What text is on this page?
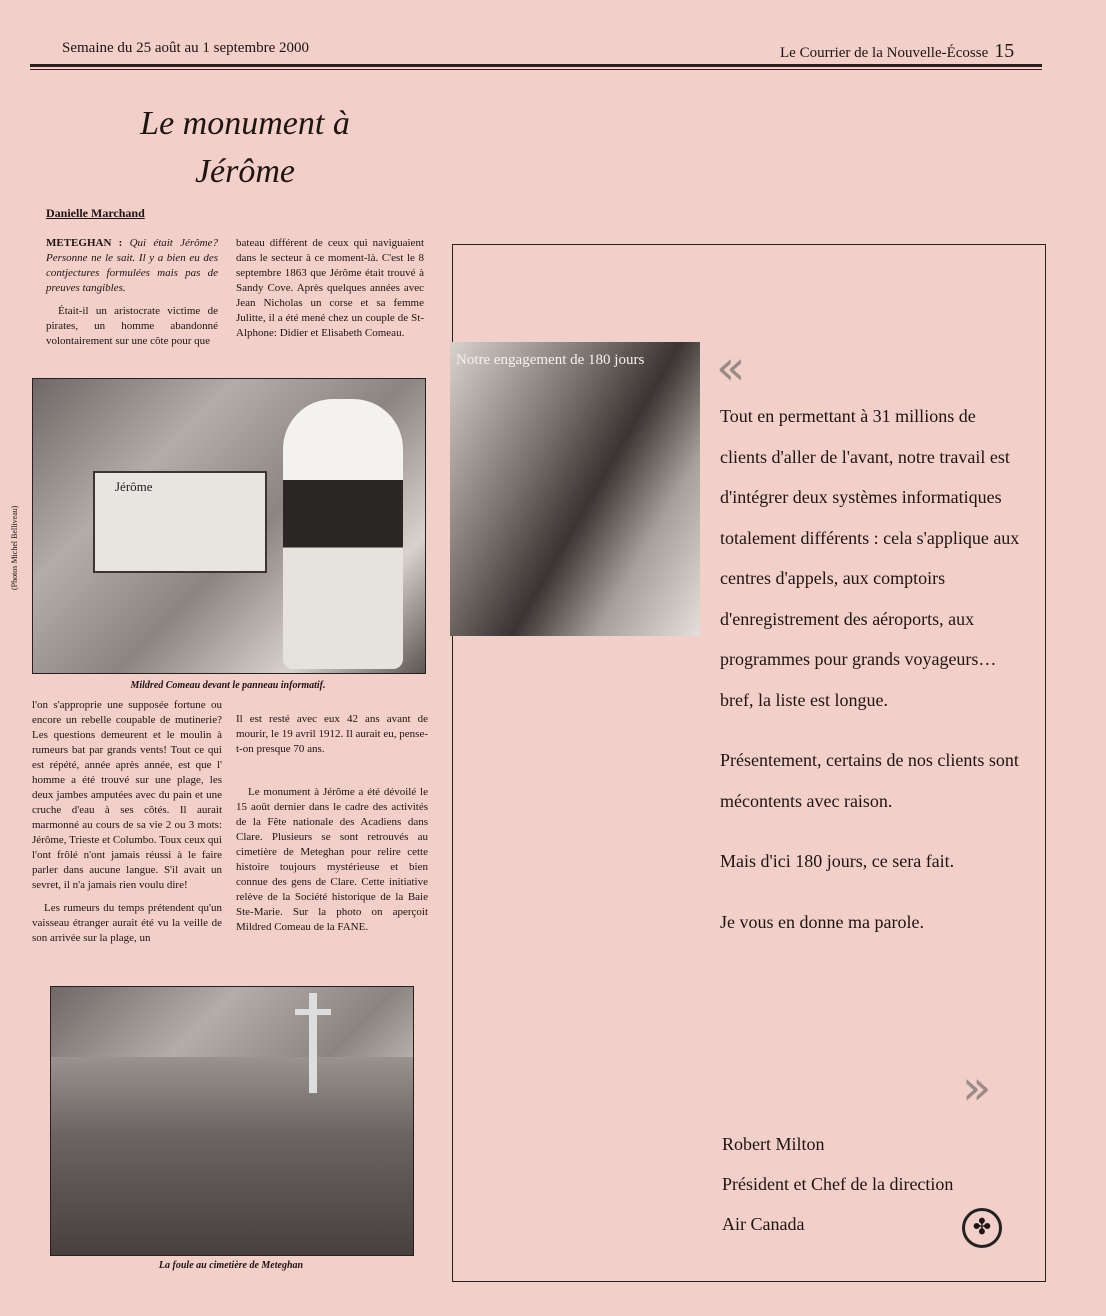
Semaine du 25 août au 1 septembre 2000	Le Courrier de la Nouvelle-Écosse 15
Le monument à
Jérôme
Danielle Marchand

METEGHAN : Qui était Jérôme? Personne ne le sait. Il y a bien eu des contjectures formulées mais pas de preuves tangibles.

Était-il un aristocrate victime de pirates, un homme abandonné volontairement sur une côte pour que

bateau différent de ceux qui naviguaient dans le secteur à ce moment-là. C'est le 8 septembre 1863 que Jérôme était trouvé à Sandy Cove. Après quelques années avec Jean Nicholas un corse et sa femme Julitte, il a été mené chez un couple de St-Alphone: Didier et Elisabeth Comeau.

Jérôme
(Photos Michel Belliveau)
Mildred Comeau devant le panneau informatif.

l'on s'approprie une supposée fortune ou encore un rebelle coupable de mutinerie? Les questions demeurent et le moulin à rumeurs bat par grands vents! Tout ce qui est répété, année après année, est que l' homme a été trouvé sur une plage, les deux jambes amputées avec du pain et une cruche d'eau à ses côtés. Il aurait marmonné au cours de sa vie 2 ou 3 mots: Jérôme, Trieste et Columbo. Toux ceux qui l'ont frôlé n'ont jamais réussi à le faire parler dans aucune langue. S'il avait un sevret, il n'a jamais rien voulu dire!

Les rumeurs du temps prétendent qu'un vaisseau étranger aurait été vu la veille de son arrivée sur la plage, un

Il est resté avec eux 42 ans avant de mourir, le 19 avril 1912. Il aurait eu, pense-t-on presque 70 ans.

Le monument à Jérôme a été dévoilé le 15 août dernier dans le cadre des activités de la Fête nationale des Acadiens dans Clare. Plusieurs se sont retrouvés au cimetière de Meteghan pour relire cette histoire toujours mystérieuse et bien connue des gens de Clare. Cette initiative relève de la Société historique de la Baie Ste-Marie. Sur la photo on aperçoit Mildred Comeau de la FANE.

La foule au cimetière de Meteghan
Notre engagement de 180 jours «

Tout en permettant à 31 millions de clients d'aller de l'avant, notre travail est d'intégrer deux systèmes informatiques totalement différents : cela s'applique aux centres d'appels, aux comptoirs d'enregistrement des aéroports, aux programmes pour grands voyageurs… bref, la liste est longue.

Présentement, certains de nos clients sont mécontents avec raison.

Mais d'ici 180 jours, ce sera fait.

Je vous en donne ma parole.

»
Robert Milton
Président et Chef de la direction
Air Canada	✤
